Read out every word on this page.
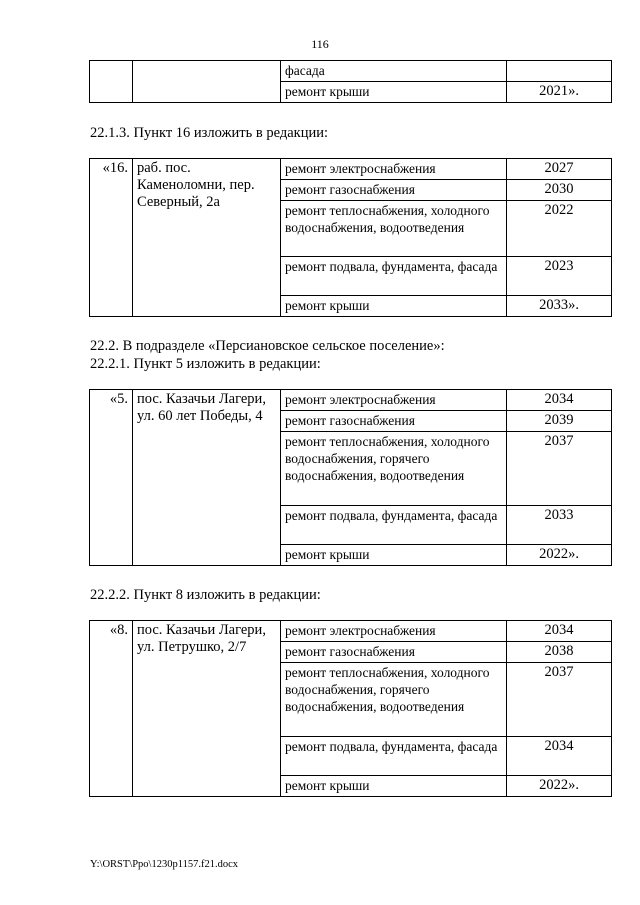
116
		фасада	
		ремонт крыши	2021».
22.1.3. Пункт 16 изложить в редакции:
«16.	раб. пос. Каменоломни, пер. Северный, 2а	ремонт электроснабжения	2027
		ремонт газоснабжения	2030
		ремонт теплоснабжения, холодного водоснабжения, водоотведения	2022
		ремонт подвала, фундамента, фасада	2023
		ремонт крыши	2033».
22.2. В подразделе «Персиановское сельское поселение»:
22.2.1. Пункт 5 изложить в редакции:
«5.	пос. Казачьи Лагери, ул. 60 лет Победы, 4	ремонт электроснабжения	2034
		ремонт газоснабжения	2039
		ремонт теплоснабжения, холодного водоснабжения, горячего водоснабжения, водоотведения	2037
		ремонт подвала, фундамента, фасада	2033
		ремонт крыши	2022».
22.2.2. Пункт 8 изложить в редакции:
«8.	пос. Казачьи Лагери, ул. Петрушко, 2/7	ремонт электроснабжения	2034
		ремонт газоснабжения	2038
		ремонт теплоснабжения, холодного водоснабжения, горячего водоснабжения, водоотведения	2037
		ремонт подвала, фундамента, фасада	2034
		ремонт крыши	2022».
Y:\ORST\Ppo\1230p1157.f21.docx
